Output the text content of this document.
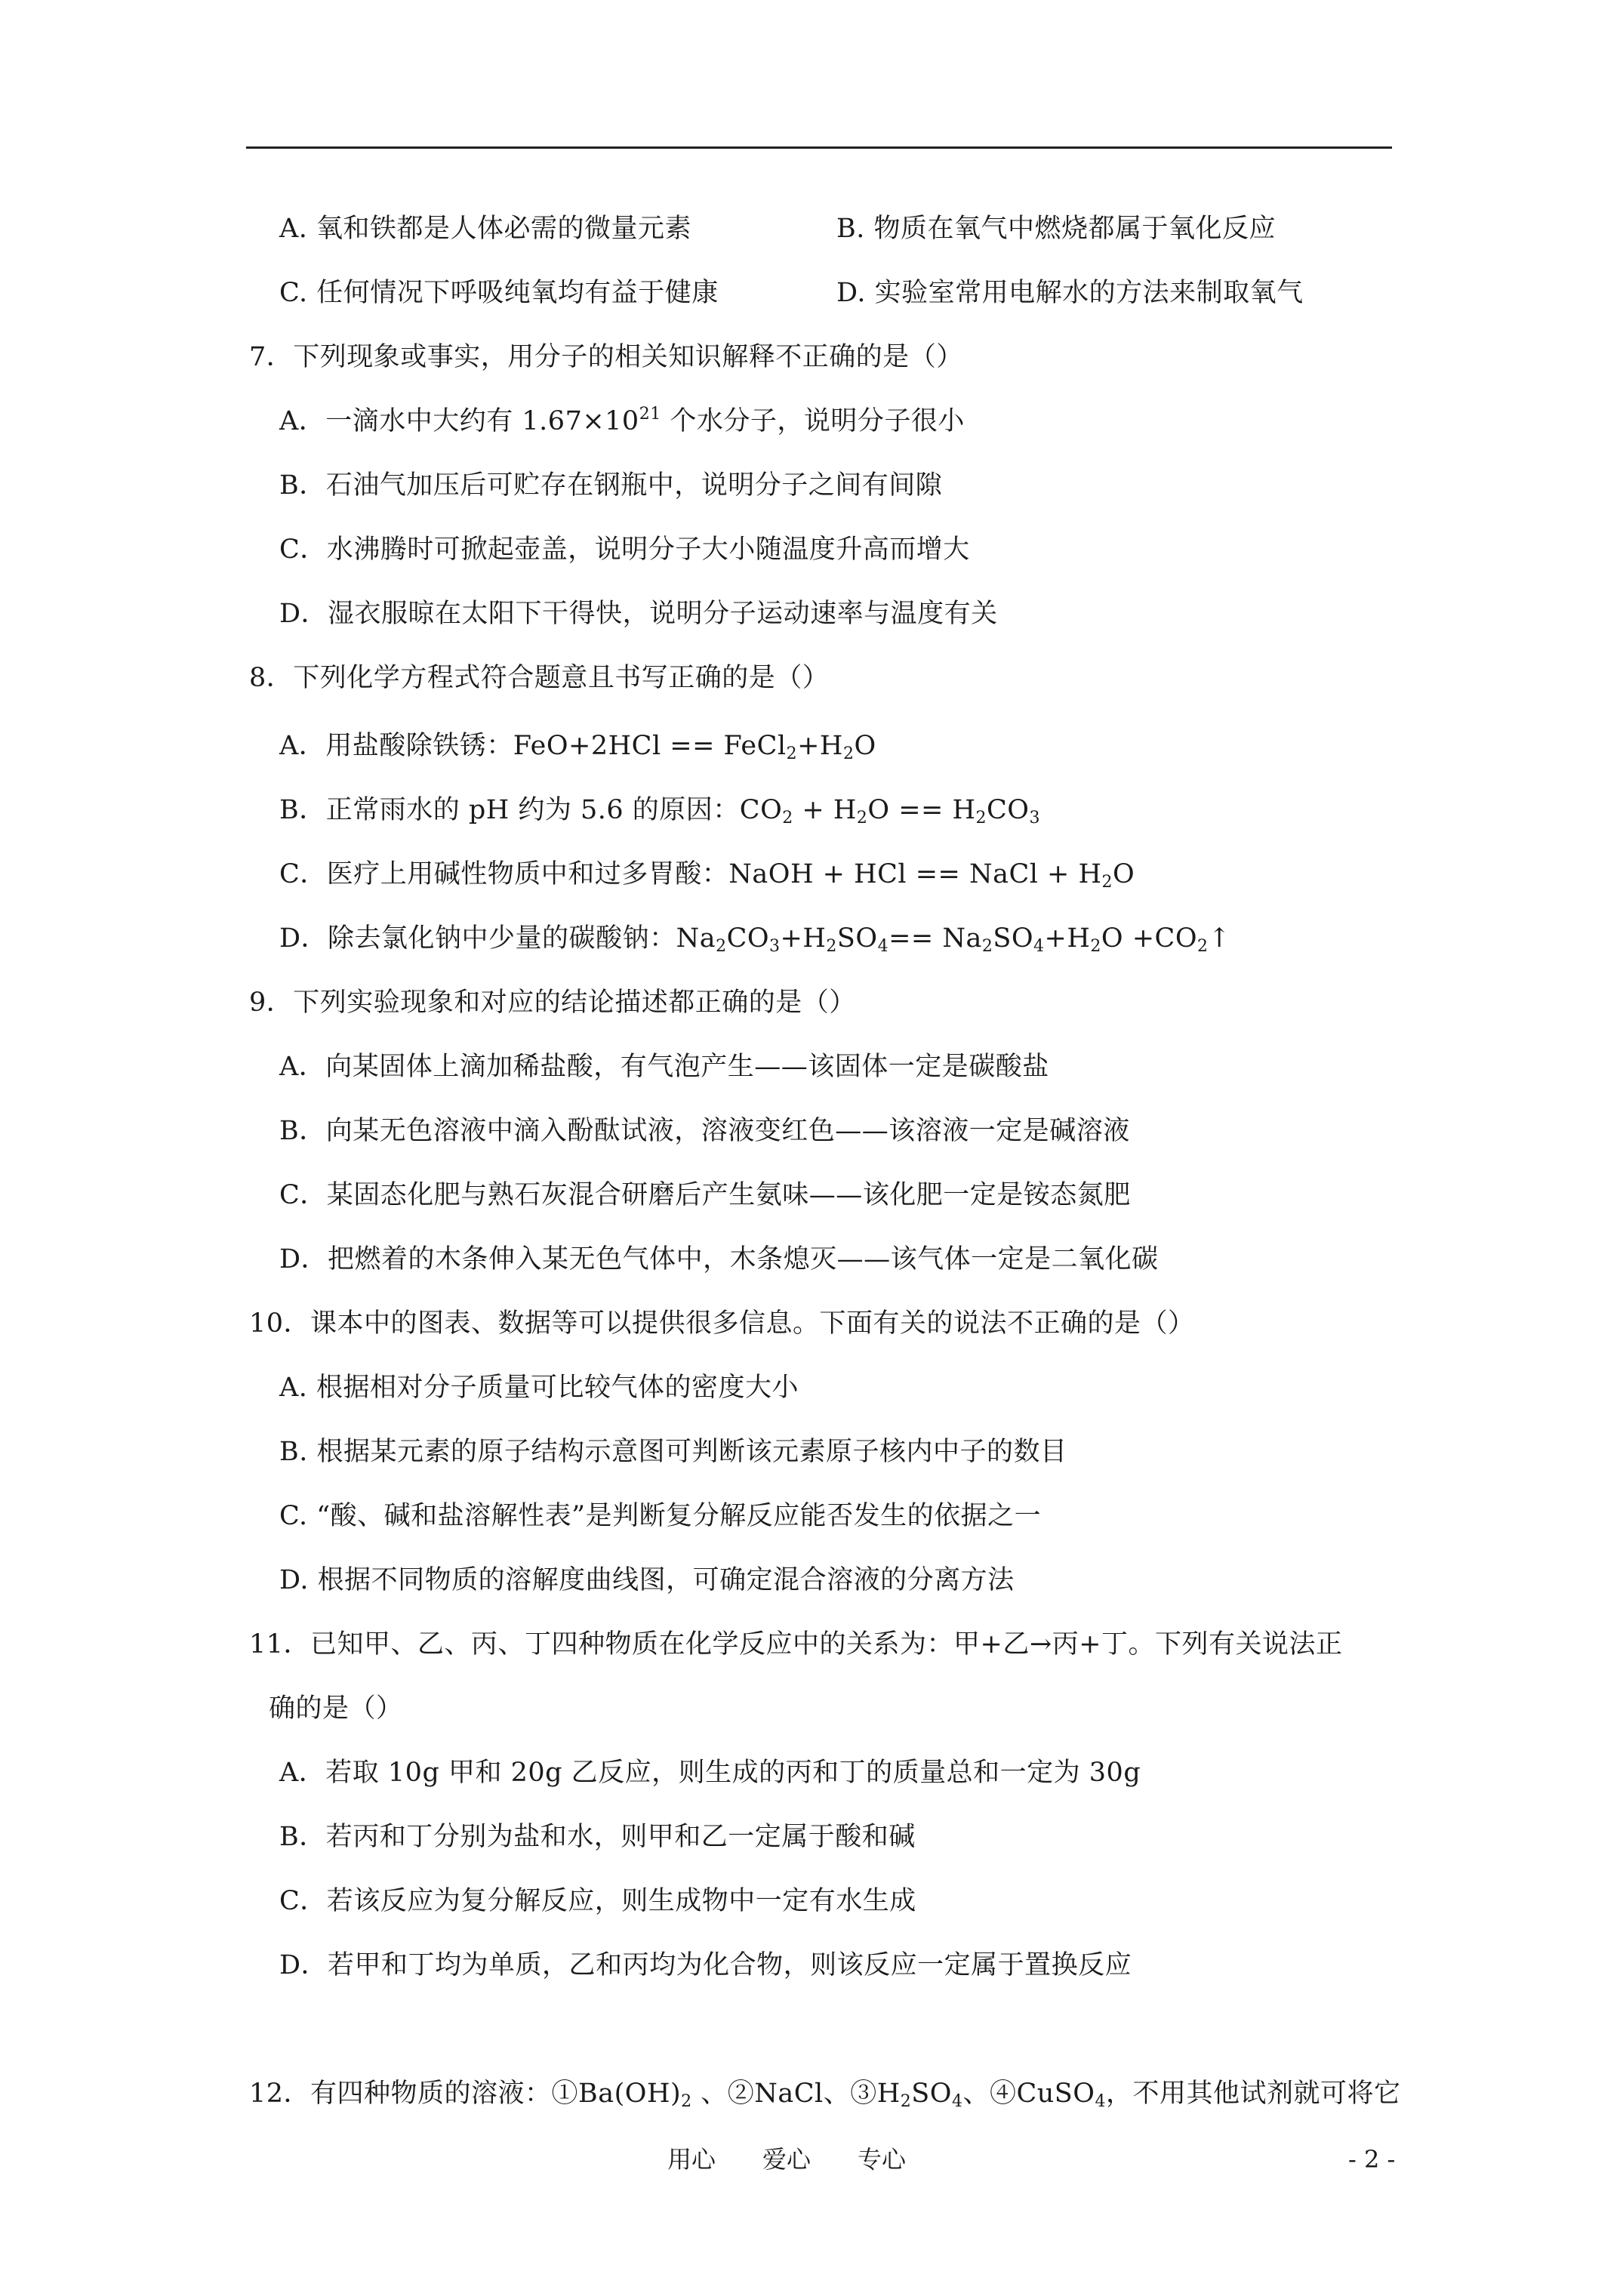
A. 氧和铁都是人体必需的微量元素	B. 物质在氧气中燃烧都属于氧化反应
C. 任何情况下呼吸纯氧均有益于健康	D. 实验室常用电解水的方法来制取氧气
7．下列现象或事实，用分子的相关知识解释不正确的是（）
A．一滴水中大约有 $1.67\times 10^{21}$ 个水分子，说明分子很小
B．石油气加压后可贮存在钢瓶中，说明分子之间有间隙
C．水沸腾时可掀起壶盖，说明分子大小随温度升高而增大
D．湿衣服晾在太阳下干得快，说明分子运动速率与温度有关
8．下列化学方程式符合题意且书写正确的是（）
A．用盐酸除铁锈：$FeO+2HCl == FeCl_2+H_2O$
B．正常雨水的 pH 约为 5.6 的原因：$CO_2 + H_2O == H_2CO_3$
C．医疗上用碱性物质中和过多胃酸：NaOH + HCl == NaCl + $H_2O$
D．除去氯化钠中少量的碳酸钠：$Na_2CO_3+H_2SO_4== Na_2SO_4+H_2O$ $+CO_2↑$
9．下列实验现象和对应的结论描述都正确的是（）
A．向某固体上滴加稀盐酸，有气泡产生——该固体一定是碳酸盐
B．向某无色溶液中滴入酚酞试液，溶液变红色——该溶液一定是碱溶液
C．某固态化肥与熟石灰混合研磨后产生氨味——该化肥一定是铵态氮肥
D．把燃着的木条伸入某无色气体中，木条熄灭——该气体一定是二氧化碳
10．课本中的图表、数据等可以提供很多信息。下面有关的说法不正确的是（）
A. 根据相对分子质量可比较气体的密度大小
B. 根据某元素的原子结构示意图可判断该元素原子核内中子的数目
C. “酸、碱和盐溶解性表”是判断复分解反应能否发生的依据之一
D. 根据不同物质的溶解度曲线图，可确定混合溶液的分离方法
11．已知甲、乙、丙、丁四种物质在化学反应中的关系为：甲+乙→丙+丁。下列有关说法正
确的是（）
A．若取 10g 甲和 20g 乙反应，则生成的丙和丁的质量总和一定为 30g
B．若丙和丁分别为盐和水，则甲和乙一定属于酸和碱
C．若该反应为复分解反应，则生成物中一定有水生成
D．若甲和丁均为单质，乙和丙均为化合物，则该反应一定属于置换反应
12．有四种物质的溶液：$①Ba(OH)_2$ 、②NaCl、$③H_2SO_4$、④CuSO$_4$，不用其他试剂就可将它
用心 爱心 专心	- 2 -
